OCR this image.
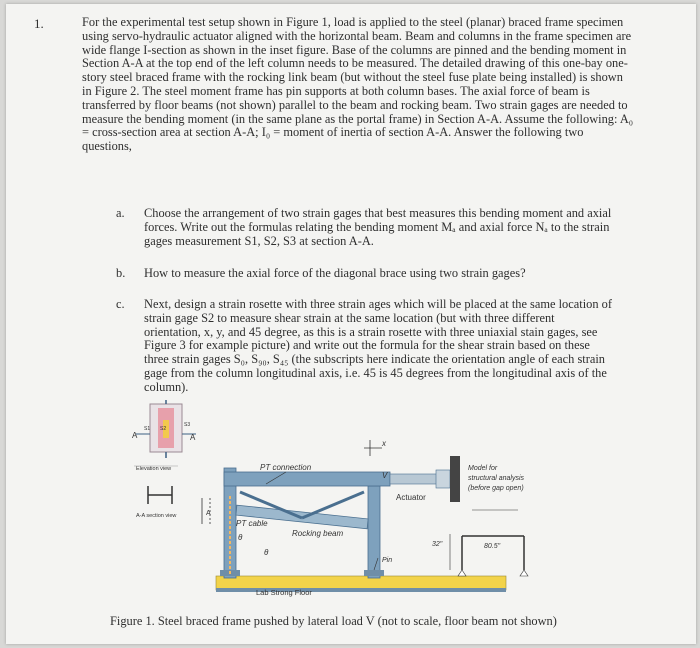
1.	For the experimental test setup shown in Figure 1, load is applied to the steel (planar) braced frame specimen using servo-hydraulic actuator aligned with the horizontal beam. Beam and columns in the frame specimen are wide flange I-section as shown in the inset figure. Base of the columns are pinned and the bending moment in Section A-A at the top end of the left column needs to be measured. The detailed drawing of this one-bay one-story steel braced frame with the rocking link beam (but without the steel fuse plate being installed) is shown in Figure 2. The steel moment frame has pin supports at both column bases. The axial force of beam is transferred by floor beams (not shown) parallel to the beam and rocking beam. Two strain gages are needed to measure the bending moment (in the same plane as the portal frame) in Section A-A. Assume the following: A₀ = cross-section area at section A-A; I₀ = moment of inertia of section A-A. Answer the following two questions,

a. Choose the arrangement of two strain gages that best measures this bending moment and axial forces. Write out the formulas relating the bending moment Mₐ and axial force Nₐ to the strain gages measurement S1, S2, S3 at section A-A.
b. How to measure the axial force of the diagonal brace using two strain gages?
c. Next, design a strain rosette with three strain ages which will be placed at the same location of strain gage S2 to measure shear strain at the same location (but with three different orientation, x, y, and 45 degree, as this is a strain rosette with three uniaxial stain gages, see Figure 3 for example picture) and write out the formula for the shear strain based on these three strain gages S₀, S₉₀, S₄₅ (the subscripts here indicate the orientation angle of each strain gage from the column longitudinal axis, i.e. 45 is 45 degrees from the longitudinal axis of the column).
A	A
S1 S2
S3
Elevation view
A-A section view	A
Lab Strong Floor
PT cable
θ
θ
Rocking beam
PT connection
x
V
Actuator
Pin
Model for
structural analysis
(before gap open)
32"	80.5"
Figure 1. Steel braced frame pushed by lateral load V (not to scale, floor beam not shown)
